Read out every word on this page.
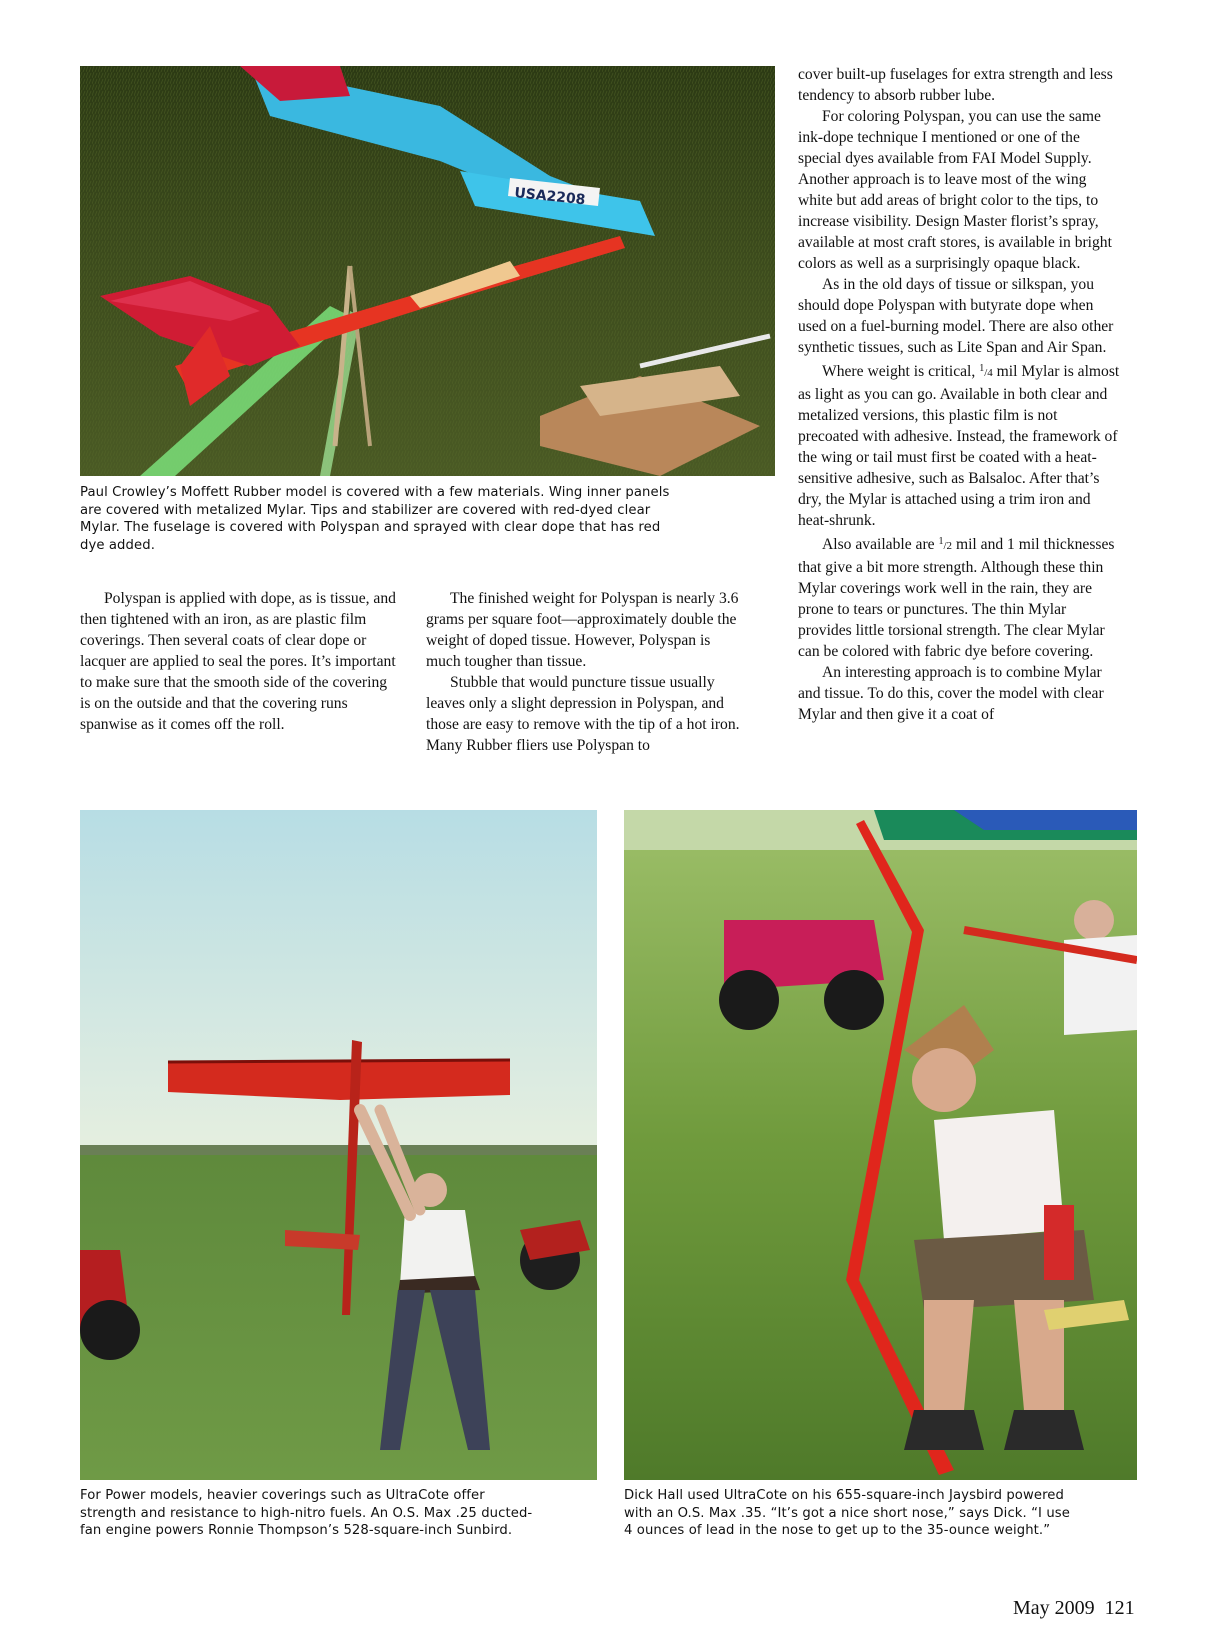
USA2208
Paul Crowley’s Moffett Rubber model is covered with a few materials. Wing inner panels
are covered with metalized Mylar. Tips and stabilizer are covered with red-dyed clear
Mylar. The fuselage is covered with Polyspan and sprayed with clear dope that has red
dye added.

Polyspan is applied with dope, as is tissue, and then tightened with an iron, as are plastic film coverings. Then several coats of clear dope or lacquer are applied to seal the pores. It’s important to make sure that the smooth side of the covering is on the outside and that the covering runs spanwise as it comes off the roll.

The finished weight for Polyspan is nearly 3.6 grams per square foot—approximately double the weight of doped tissue. However, Polyspan is much tougher than tissue.

Stubble that would puncture tissue usually leaves only a slight depression in Polyspan, and those are easy to remove with the tip of a hot iron. Many Rubber fliers use Polyspan to

cover built-up fuselages for extra strength and less tendency to absorb rubber lube.

For coloring Polyspan, you can use the same ink-dope technique I mentioned or one of the special dyes available from FAI Model Supply. Another approach is to leave most of the wing white but add areas of bright color to the tips, to increase visibility. Design Master florist’s spray, available at most craft stores, is available in bright colors as well as a surprisingly opaque black.

As in the old days of tissue or silkspan, you should dope Polyspan with butyrate dope when used on a fuel-burning model. There are also other synthetic tissues, such as Lite Span and Air Span.

Where weight is critical, $^1$/4 mil Mylar is almost as light as you can go. Available in both clear and metalized versions, this plastic film is not precoated with adhesive. Instead, the framework of the wing or tail must first be coated with a heat-sensitive adhesive, such as Balsaloc. After that’s dry, the Mylar is attached using a trim iron and heat-shrunk.

Also available are $^1$/2 mil and 1 mil thicknesses that give a bit more strength. Although these thin Mylar coverings work well in the rain, they are prone to tears or punctures. The thin Mylar provides little torsional strength. The clear Mylar can be colored with fabric dye before covering.

An interesting approach is to combine Mylar and tissue. To do this, cover the model with clear Mylar and then give it a coat of

For Power models, heavier coverings such as UltraCote offer
strength and resistance to high-nitro fuels. An O.S. Max .25 ducted-
fan engine powers Ronnie Thompson’s 528-square-inch Sunbird.
Dick Hall used UltraCote on his 655-square-inch Jaysbird powered
with an O.S. Max .35. “It’s got a nice short nose,” says Dick. “I use
4 ounces of lead in the nose to get up to the 35-ounce weight.”
May 2009 121
